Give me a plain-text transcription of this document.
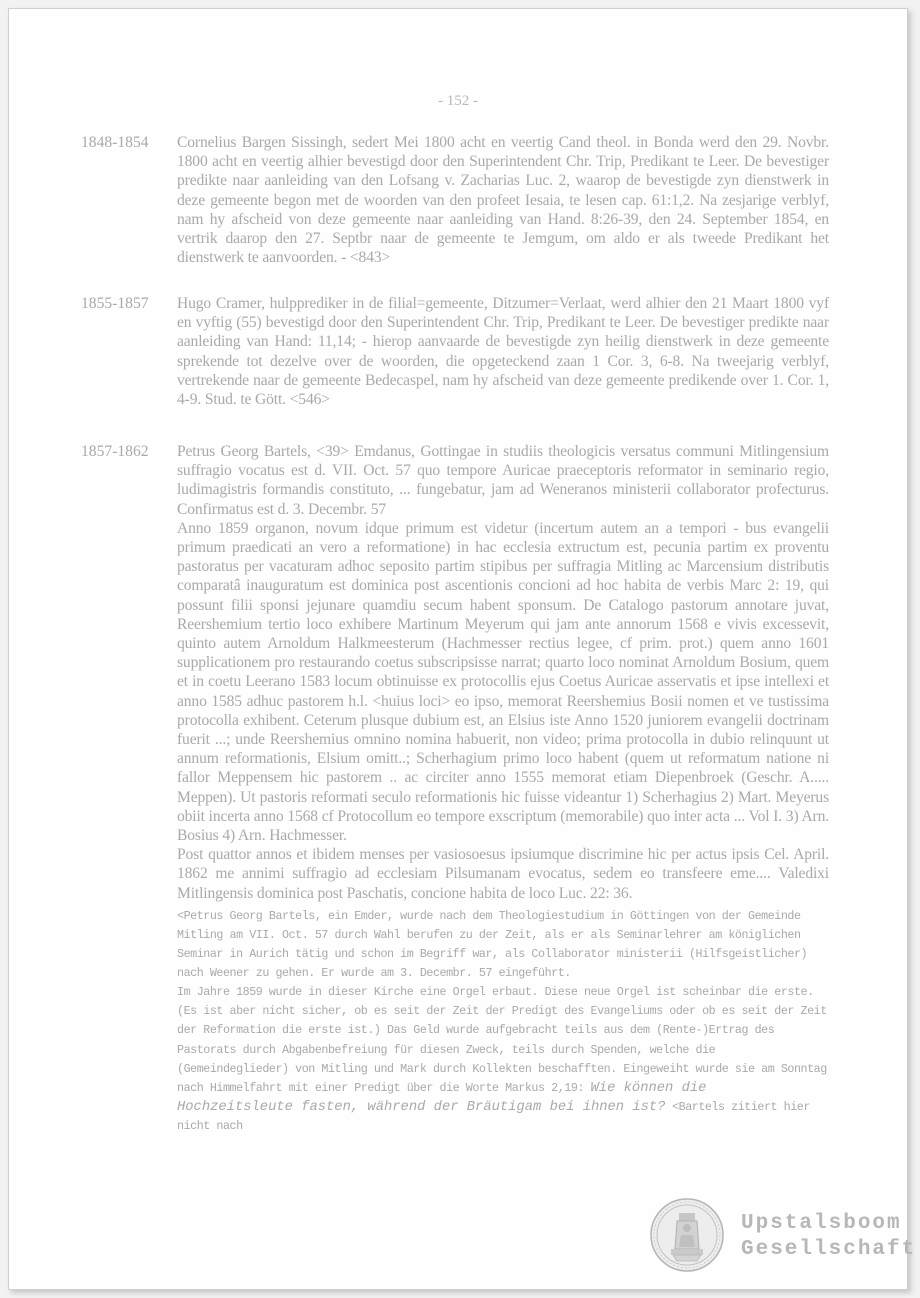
- 152 -
1848-1854	Cornelius Bargen Sissingh, sedert Mei 1800 acht en veertig Cand theol. in Bonda werd den 29. Novbr. 1800 acht en veertig alhier bevestigd door den Superintendent Chr. Trip, Predikant te Leer. De bevestiger predikte naar aanleiding van den Lofsang v. Zacharias Luc. 2, waarop de bevestigde zyn dienstwerk in deze gemeente begon met de woorden van den profeet Iesaia, te lesen cap. 61:1,2. Na zesjarige verblyf, nam hy afscheid von deze gemeente naar aanleiding van Hand. 8:26-39, den 24. September 1854, en vertrik daarop den 27. Septbr naar de gemeente te Jemgum, om aldo er als tweede Predikant het dienstwerk te aanvoorden. - <843>

1855-1857	Hugo Cramer, hulpprediker in de filial=gemeente, Ditzumer=Verlaat, werd alhier den 21 Maart 1800 vyf en vyftig (55) bevestigd door den Superintendent Chr. Trip, Predikant te Leer. De bevestiger predikte naar aanleiding van Hand: 11,14; - hierop aanvaarde de bevestigde zyn heilig dienstwerk in deze gemeente sprekende tot dezelve over de woorden, die opgeteckend zaan 1 Cor. 3, 6-8. Na tweejarig verblyf, vertrekende naar de gemeente Bedecaspel, nam hy afscheid van deze gemeente predikende over 1. Cor. 1, 4-9. Stud. te Gött. <546>

1857-1862	Petrus Georg Bartels, <39> Emdanus, Gottingae in studiis theologicis versatus communi Mitlingensium suffragio vocatus est d. VII. Oct. 57 quo tempore Auricae praeceptoris reformator in seminario regio, ludimagistris formandis constituto, ... fungebatur, jam ad Weneranos ministerii collaborator profecturus. Confirmatus est d. 3. Decembr. 57

Anno 1859 organon, novum idque primum est videtur (incertum autem an a tempori - bus evangelii primum praedicati an vero a reformatione) in hac ecclesia extructum est, pecunia partim ex proventu pastoratus per vacaturam adhoc seposito partim stipibus per suffragia Mitling ac Marcensium distributis comparatâ inauguratum est dominica post ascentionis concioni ad hoc habita de verbis Marc 2: 19, qui possunt filii sponsi jejunare quamdiu secum habent sponsum. De Catalogo pastorum annotare juvat, Reershemium tertio loco exhibere Martinum Meyerum qui jam ante annorum 1568 e vivis excessevit, quinto autem Arnoldum Halkmeesterum (Hachmesser rectius legee, cf prim. prot.) quem anno 1601 supplicationem pro restaurando coetus subscripsisse narrat; quarto loco nominat Arnoldum Bosium, quem et in coetu Leerano 1583 locum obtinuisse ex protocollis ejus Coetus Auricae asservatis et ipse intellexi et anno 1585 adhuc pastorem h.l. <huius loci> eo ipso, memorat Reershemius Bosii nomen et ve tustissima protocolla exhibent. Ceterum plusque dubium est, an Elsius iste Anno 1520 juniorem evangelii doctrinam fuerit ...; unde Reershemius omnino nomina habuerit, non video; prima protocolla in dubio relinquunt ut annum reformationis, Elsium omitt..; Scherhagium primo loco habent (quem ut reformatum natione ni fallor Meppensem hic pastorem .. ac circiter anno 1555 memorat etiam Diepenbroek (Geschr. A..... Meppen). Ut pastoris reformati seculo reformationis hic fuisse videantur 1) Scherhagius 2) Mart. Meyerus obiit incerta anno 1568 cf Protocollum eo tempore exscriptum (memorabile) quo inter acta ... Vol I. 3) Arn. Bosius 4) Arn. Hachmesser.

Post quattor annos et ibidem menses per vasiosoesus ipsiumque discrimine hic per actus ipsis Cel. April. 1862 me annimi suffragio ad ecclesiam Pilsumanam evocatus, sedem eo transfeere eme.... Valedixi Mitlingensis dominica post Paschatis, concione habita de loco Luc. 22: 36.

<Petrus Georg Bartels, ein Emder, wurde nach dem Theologiestudium in Göttingen von der Gemeinde Mitling am VII. Oct. 57 durch Wahl berufen zu der Zeit, als er als Seminarlehrer am königlichen Seminar in Aurich tätig und schon im Begriff war, als Collaborator ministerii (Hilfsgeistlicher) nach Weener zu gehen. Er wurde am 3. Decembr. 57 eingeführt.

Im Jahre 1859 wurde in dieser Kirche eine Orgel erbaut. Diese neue Orgel ist scheinbar die erste. (Es ist aber nicht sicher, ob es seit der Zeit der Predigt des Evangeliums oder ob es seit der Zeit der Reformation die erste ist.) Das Geld wurde aufgebracht teils aus dem (Rente-)Ertrag des Pastorats durch Abgabenbefreiung für diesen Zweck, teils durch Spenden, welche die (Gemeindeglieder) von Mitling und Mark durch Kollekten beschafften. Eingeweiht wurde sie am Sonntag nach Himmelfahrt mit einer Predigt über die Worte Markus 2,19: Wie können die Hochzeitsleute fasten, während der Bräutigam bei ihnen ist? <Bartels zitiert hier nicht nach

Upstalsboom
Gesellschaft
